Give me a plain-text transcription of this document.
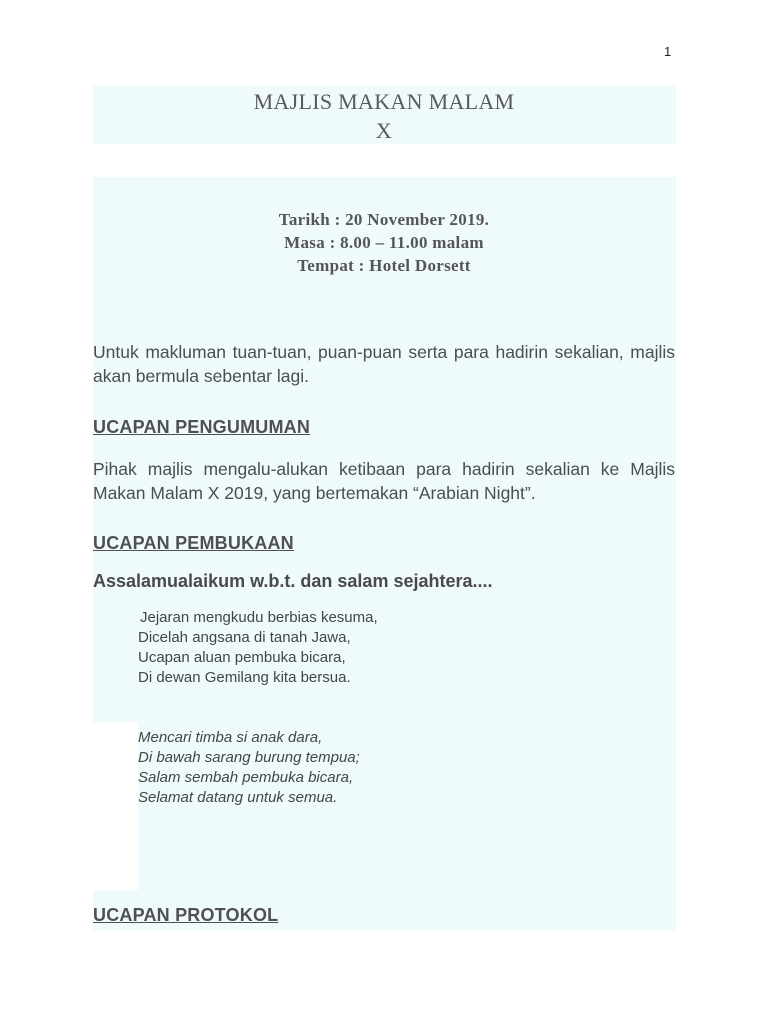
1
MAJLIS MAKAN MALAM
X
Tarikh : 20 November 2019.
Masa : 8.00 – 11.00 malam
Tempat : Hotel Dorsett
Untuk makluman tuan-tuan, puan-puan serta para hadirin sekalian, majlis akan bermula sebentar lagi.
UCAPAN PENGUMUMAN
Pihak majlis mengalu-alukan ketibaan para hadirin sekalian ke Majlis Makan Malam X 2019, yang bertemakan “Arabian Night”.
UCAPAN PEMBUKAAN
Assalamualaikum w.b.t. dan salam sejahtera....
Jejaran mengkudu berbias kesuma,
Dicelah angsana di tanah Jawa,
Ucapan aluan pembuka bicara,
Di dewan Gemilang kita bersua.
Mencari timba si anak dara,
Di bawah sarang burung tempua;
Salam sembah pembuka bicara,
Selamat datang untuk semua.
UCAPAN PROTOKOL
